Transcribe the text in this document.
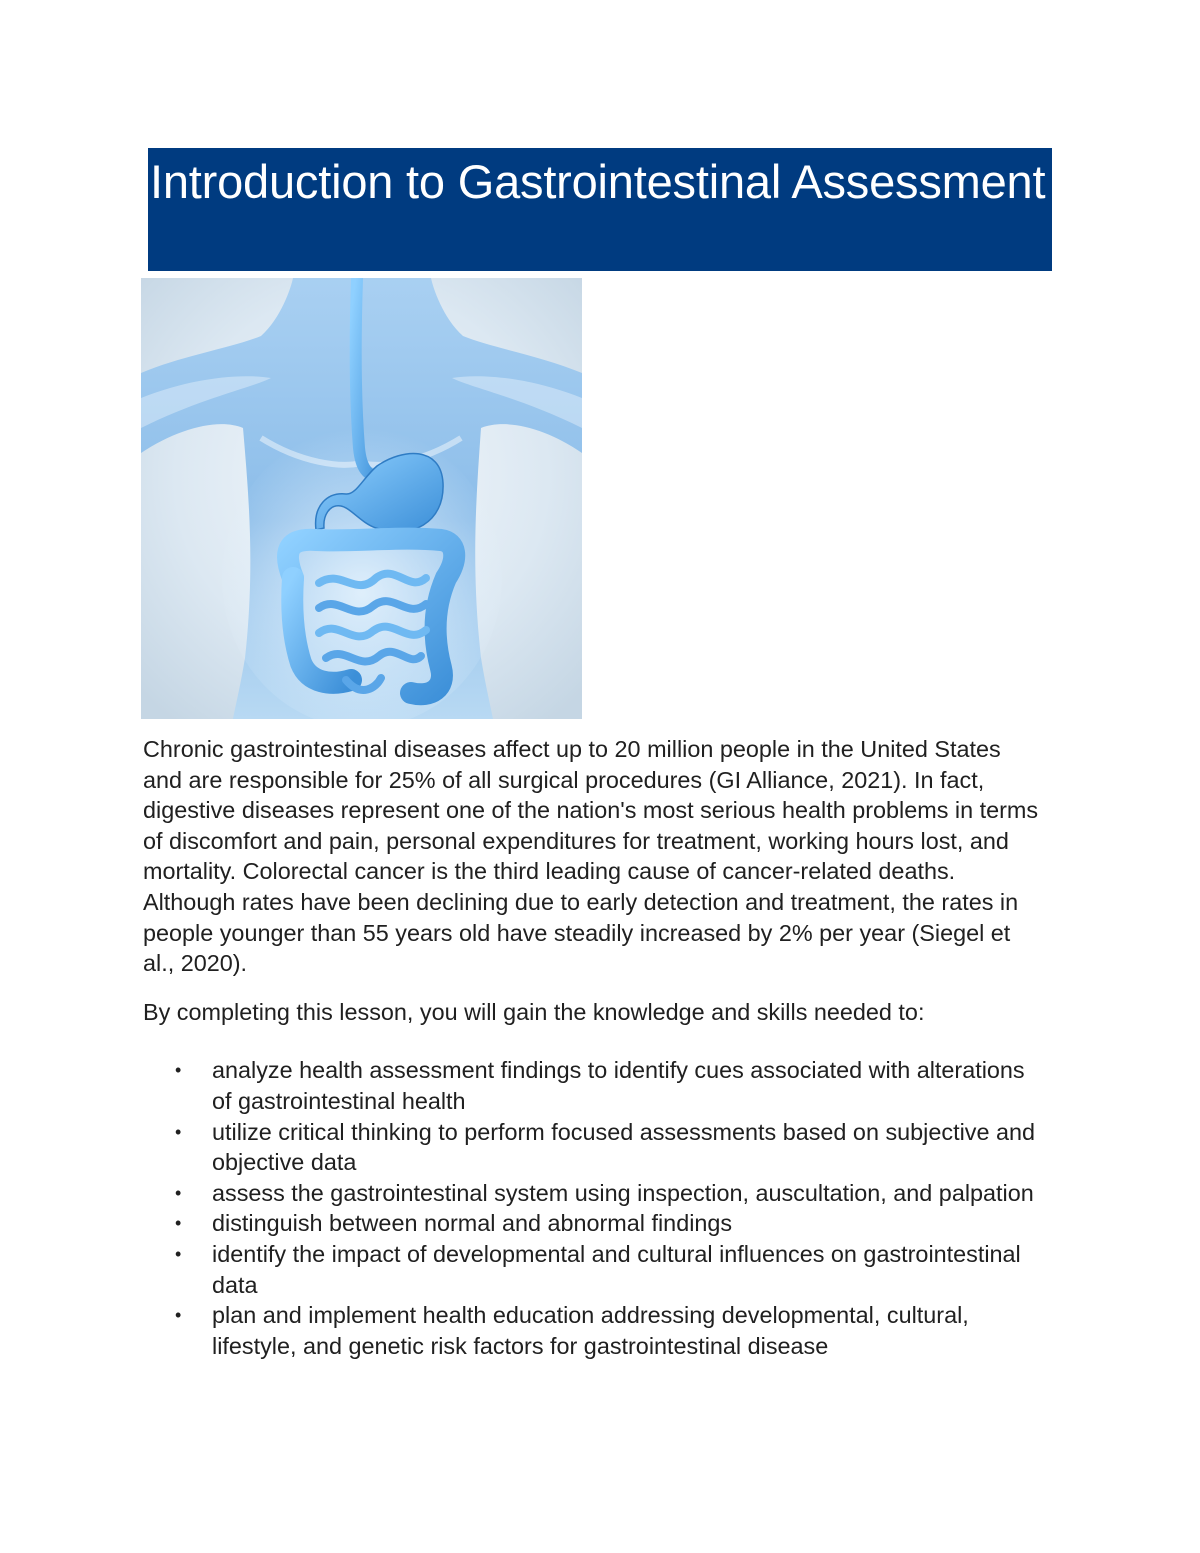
Introduction to Gastrointestinal Assessment

Chronic gastrointestinal diseases affect up to 20 million people in the United States and are responsible for 25% of all surgical procedures (GI Alliance, 2021). In fact, digestive diseases represent one of the nation's most serious health problems in terms of discomfort and pain, personal expenditures for treatment, working hours lost, and mortality. Colorectal cancer is the third leading cause of cancer-related deaths. Although rates have been declining due to early detection and treatment, the rates in people younger than 55 years old have steadily increased by 2% per year (Siegel et al., 2020).

By completing this lesson, you will gain the knowledge and skills needed to:

• analyze health assessment findings to identify cues associated with alterations of gastrointestinal health
• utilize critical thinking to perform focused assessments based on subjective and objective data
• assess the gastrointestinal system using inspection, auscultation, and palpation
• distinguish between normal and abnormal findings
• identify the impact of developmental and cultural influences on gastrointestinal data
• plan and implement health education addressing developmental, cultural, lifestyle, and genetic risk factors for gastrointestinal disease
